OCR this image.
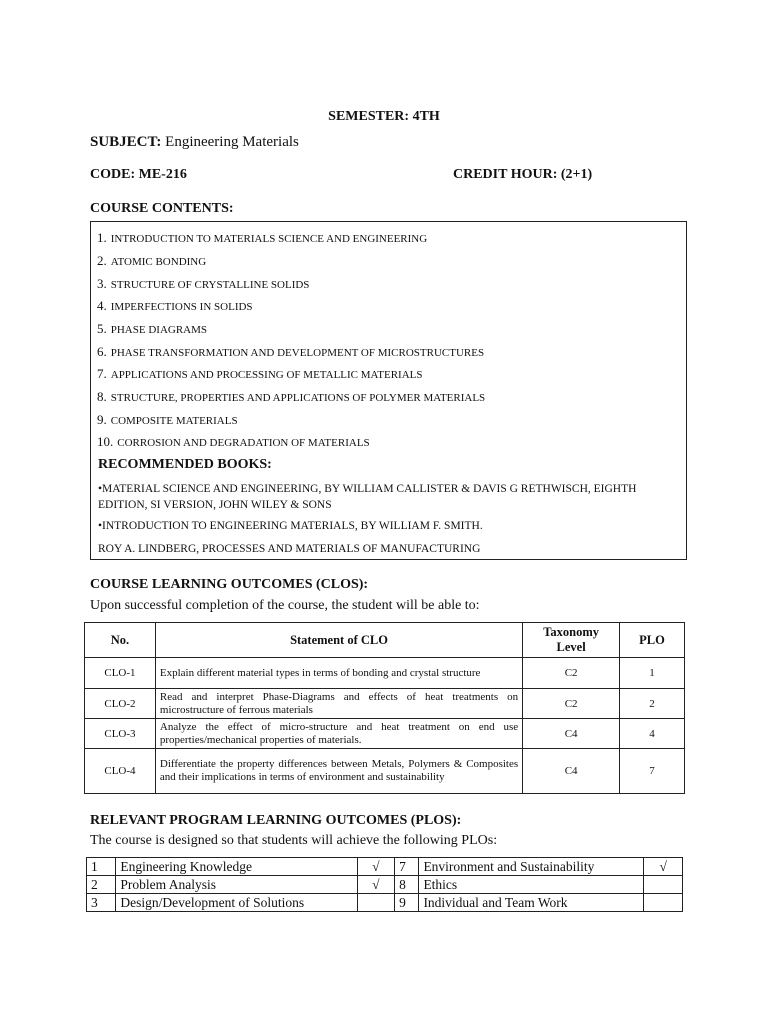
SEMESTER: 4TH
SUBJECT: Engineering Materials
CODE: ME-216	CREDIT HOUR: (2+1)
COURSE CONTENTS:
1. INTRODUCTION TO MATERIALS SCIENCE AND ENGINEERING
2. ATOMIC BONDING
3. STRUCTURE OF CRYSTALLINE SOLIDS
4. IMPERFECTIONS IN SOLIDS
5. PHASE DIAGRAMS
6. PHASE TRANSFORMATION AND DEVELOPMENT OF MICROSTRUCTURES
7. APPLICATIONS AND PROCESSING OF METALLIC MATERIALS
8. STRUCTURE, PROPERTIES AND APPLICATIONS OF POLYMER MATERIALS
9. COMPOSITE MATERIALS
10. CORROSION AND DEGRADATION OF MATERIALS
RECOMMENDED BOOKS:
•MATERIAL SCIENCE AND ENGINEERING, BY WILLIAM CALLISTER & DAVIS G RETHWISCH, EIGHTH EDITION, SI VERSION, JOHN WILEY & SONS
•INTRODUCTION TO ENGINEERING MATERIALS, BY WILLIAM F. SMITH.
ROY A. LINDBERG, PROCESSES AND MATERIALS OF MANUFACTURING
COURSE LEARNING OUTCOMES (CLOS):
Upon successful completion of the course, the student will be able to:
No.	Statement of CLO	Taxonomy Level	PLO
CLO-1	Explain different material types in terms of bonding and crystal structure	C2	1
CLO-2	Read and interpret Phase-Diagrams and effects of heat treatments on microstructure of ferrous materials	C2	2
CLO-3	Analyze the effect of micro-structure and heat treatment on end use properties/mechanical properties of materials.	C4	4
CLO-4	Differentiate the property differences between Metals, Polymers & Composites and their implications in terms of environment and sustainability	C4	7
RELEVANT PROGRAM LEARNING OUTCOMES (PLOS):
The course is designed so that students will achieve the following PLOs:
1	Engineering Knowledge	√	7	Environment and Sustainability	√
2	Problem Analysis	√	8	Ethics	
3	Design/Development of Solutions		9	Individual and Team Work	
